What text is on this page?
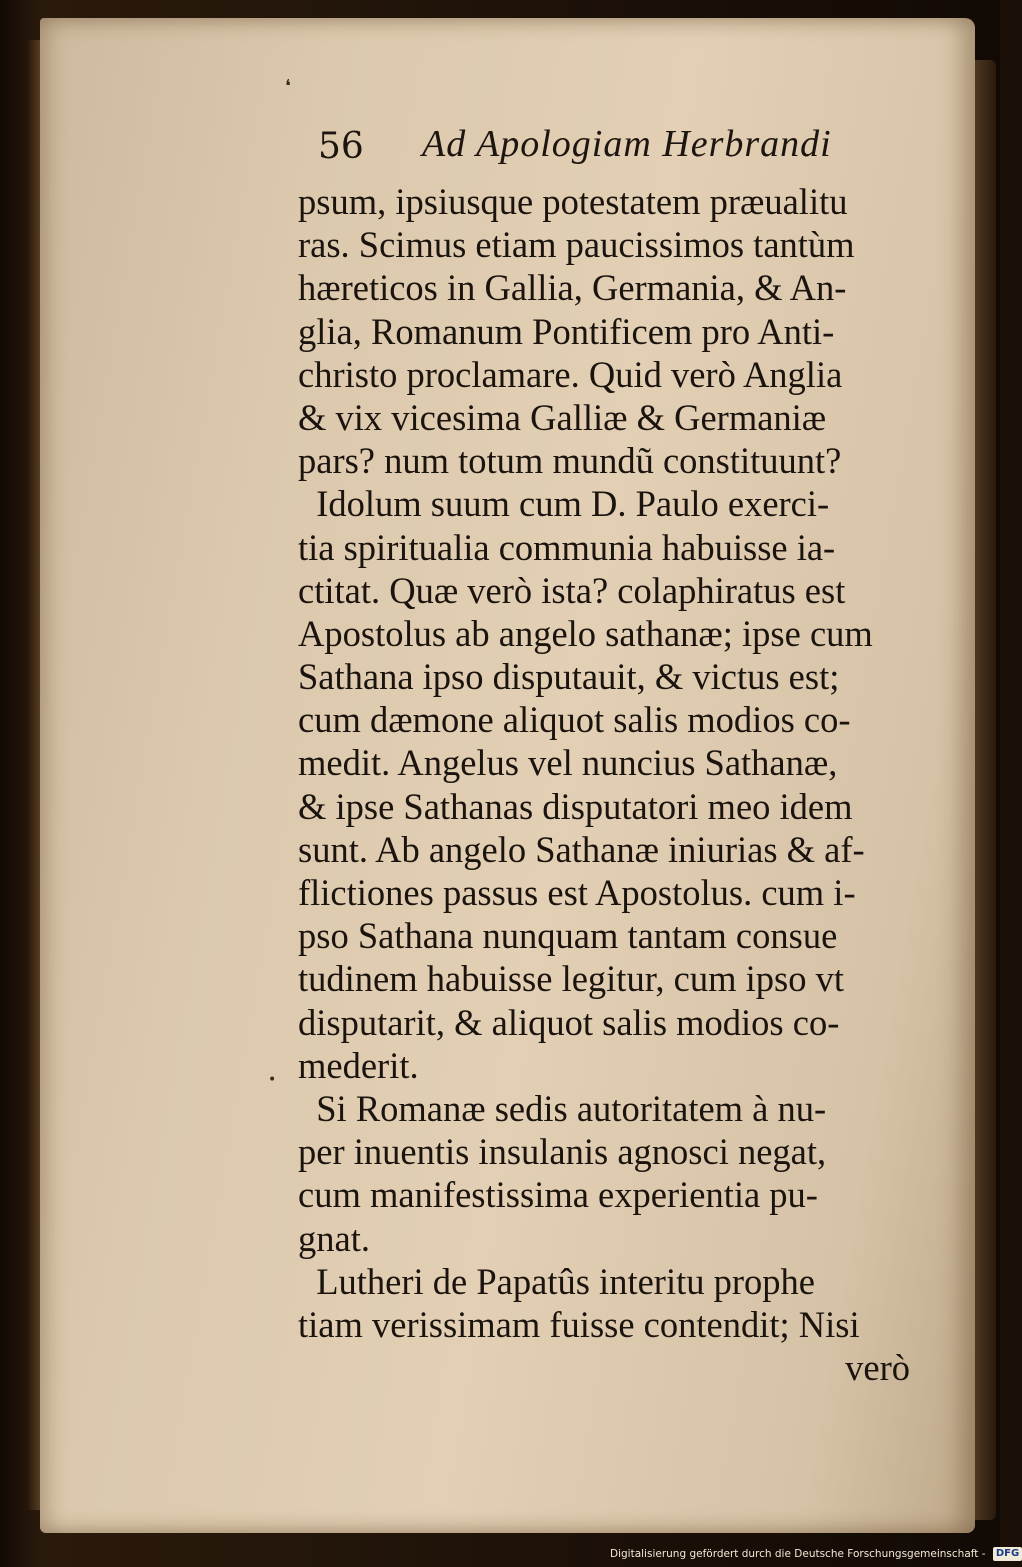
❛
•
56 Ad Apologiam Herbrandi
psum, ipsiusque potestatem præualitu
ras. Scimus etiam paucissimos tantùm
hæreticos in Gallia, Germania, & An-
glia, Romanum Pontificem pro Anti-
christo proclamare. Quid verò Anglia
& vix vicesima Galliæ & Germaniæ
pars? num totum mundũ constituunt?
Idolum suum cum D. Paulo exerci-
tia spiritualia communia habuisse ia-
ctitat. Quæ verò ista? colaphiratus est
Apostolus ab angelo sathanæ; ipse cum
Sathana ipso disputauit, & victus est;
cum dæmone aliquot salis modios co-
medit. Angelus vel nuncius Sathanæ,
& ipse Sathanas disputatori meo idem
sunt. Ab angelo Sathanæ iniurias & af-
flictiones passus est Apostolus. cum i-
pso Sathana nunquam tantam consue
tudinem habuisse legitur, cum ipso vt
disputarit, & aliquot salis modios co-
mederit.
Si Romanæ sedis autoritatem à nu-
per inuentis insulanis agnosci negat,
cum manifestissima experientia pu-
gnat.
Lutheri de Papatûs interitu prophe
tiam verissimam fuisse contendit; Nisi
verò
Digitalisierung gefördert durch die Deutsche Forschungsgemeinschaft - DFG
